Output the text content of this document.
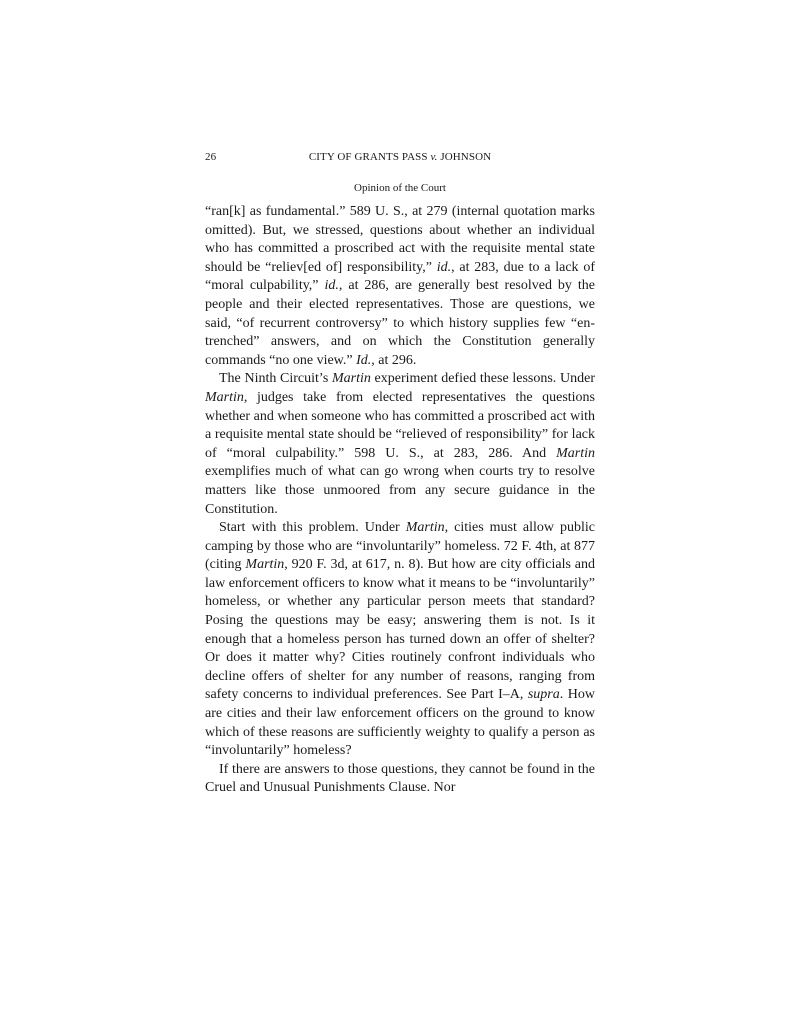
26	CITY OF GRANTS PASS v. JOHNSON
Opinion of the Court

“ran[k] as fundamental.” 589 U. S., at 279 (internal quotation marks omitted). But, we stressed, questions about whether an individual who has committed a proscribed act with the requisite mental state should be “reliev[ed of] responsibility,” id., at 283, due to a lack of “moral culpability,” id., at 286, are generally best resolved by the people and their elected representatives. Those are questions, we said, “of recurrent controversy” to which history supplies few “entrenched” answers, and on which the Constitution generally commands “no one view.” Id., at 296.

The Ninth Circuit’s Martin experiment defied these lessons. Under Martin, judges take from elected representatives the questions whether and when someone who has committed a proscribed act with a requisite mental state should be “relieved of responsibility” for lack of “moral culpability.” 598 U. S., at 283, 286. And Martin exemplifies much of what can go wrong when courts try to resolve matters like those unmoored from any secure guidance in the Constitution.

Start with this problem. Under Martin, cities must allow public camping by those who are “involuntarily” homeless. 72 F. 4th, at 877 (citing Martin, 920 F. 3d, at 617, n. 8). But how are city officials and law enforcement officers to know what it means to be “involuntarily” homeless, or whether any particular person meets that standard? Posing the questions may be easy; answering them is not. Is it enough that a homeless person has turned down an offer of shelter? Or does it matter why? Cities routinely confront individuals who decline offers of shelter for any number of reasons, ranging from safety concerns to individual preferences. See Part I–A, supra. How are cities and their law enforcement officers on the ground to know which of these reasons are sufficiently weighty to qualify a person as “involuntarily” homeless?

If there are answers to those questions, they cannot be found in the Cruel and Unusual Punishments Clause. Nor
